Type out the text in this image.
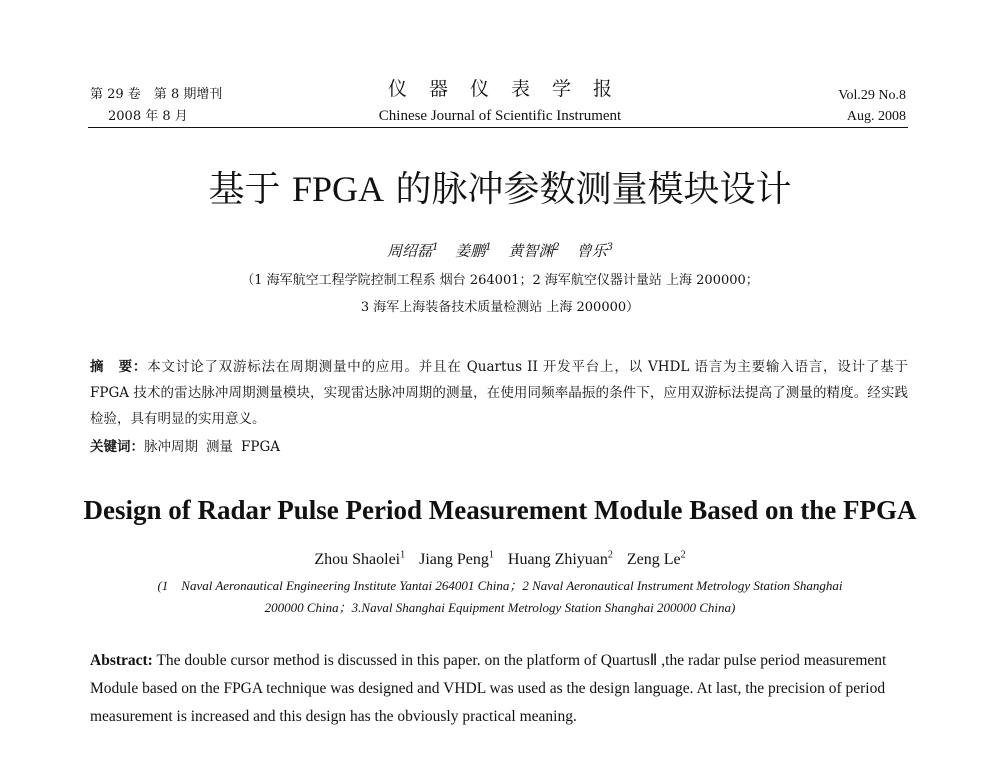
第 29 卷　第 8 期增刊
2008 年 8 月
仪器仪表学报
Chinese Journal of Scientific Instrument
Vol.29 No.8
Aug. 2008
基于 FPGA 的脉冲参数测量模块设计
周绍磊$^1$ 姜鹏$^1$ 黄智渊$^2$ 曾乐$^3$
（1 海军航空工程学院控制工程系 烟台 264001；2 海军航空仪器计量站 上海 200000；
3 海军上海装备技术质量检测站 上海 200000）
摘　要：本文讨论了双游标法在周期测量中的应用。并且在 Quartus II 开发平台上，以 VHDL 语言为主要输入语言，设计了基于 FPGA 技术的雷达脉冲周期测量模块，实现雷达脉冲周期的测量，在使用同频率晶振的条件下，应用双游标法提高了测量的精度。经实践检验，具有明显的实用意义。
关键词：脉冲周期 测量 FPGA
Design of Radar Pulse Period Measurement Module Based on the FPGA
Zhou Shaolei$^1$ Jiang Peng$^1$ Huang Zhiyuan$^2$ Zeng Le$^2$
(1　Naval Aeronautical Engineering Institute Yantai 264001 China；2 Naval Aeronautical Instrument Metrology Station Shanghai
200000 China；3.Naval Shanghai Equipment Metrology Station Shanghai 200000 China)
Abstract: The double cursor method is discussed in this paper. on the platform of QuartusⅡ ,the radar pulse period measurement Module based on the FPGA technique was designed and VHDL was used as the design language. At last, the precision of period measurement is increased and this design has the obviously practical meaning.
